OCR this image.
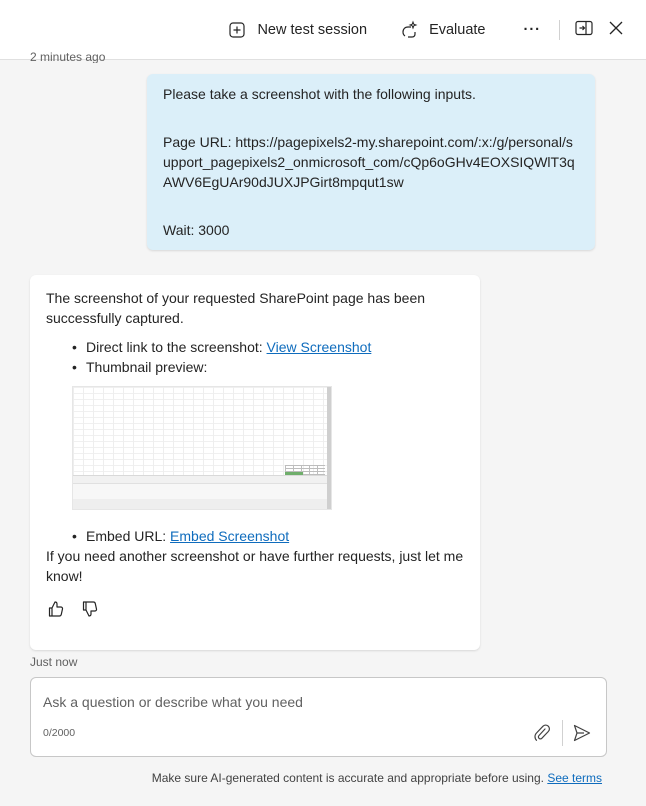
New test session	Evaluate	···
2 minutes ago

Please take a screenshot with the following inputs.

Page URL: https://pagepixels2-my.sharepoint.com/:x:/g/personal/support_pagepixels2_onmicrosoft_com/cQp6oGHv4EOXSIQWlT3qAWV6EgUAr90dJUXJPGirt8mpqut1sw

Wait: 3000

The screenshot of your requested SharePoint page has been successfully captured.

• Direct link to the screenshot: View Screenshot
• Thumbnail preview:
• Embed URL: Embed Screenshot

If you need another screenshot or have further requests, just let me know!

Just now
Ask a question or describe what you need
0/2000
Make sure AI-generated content is accurate and appropriate before using. See terms
